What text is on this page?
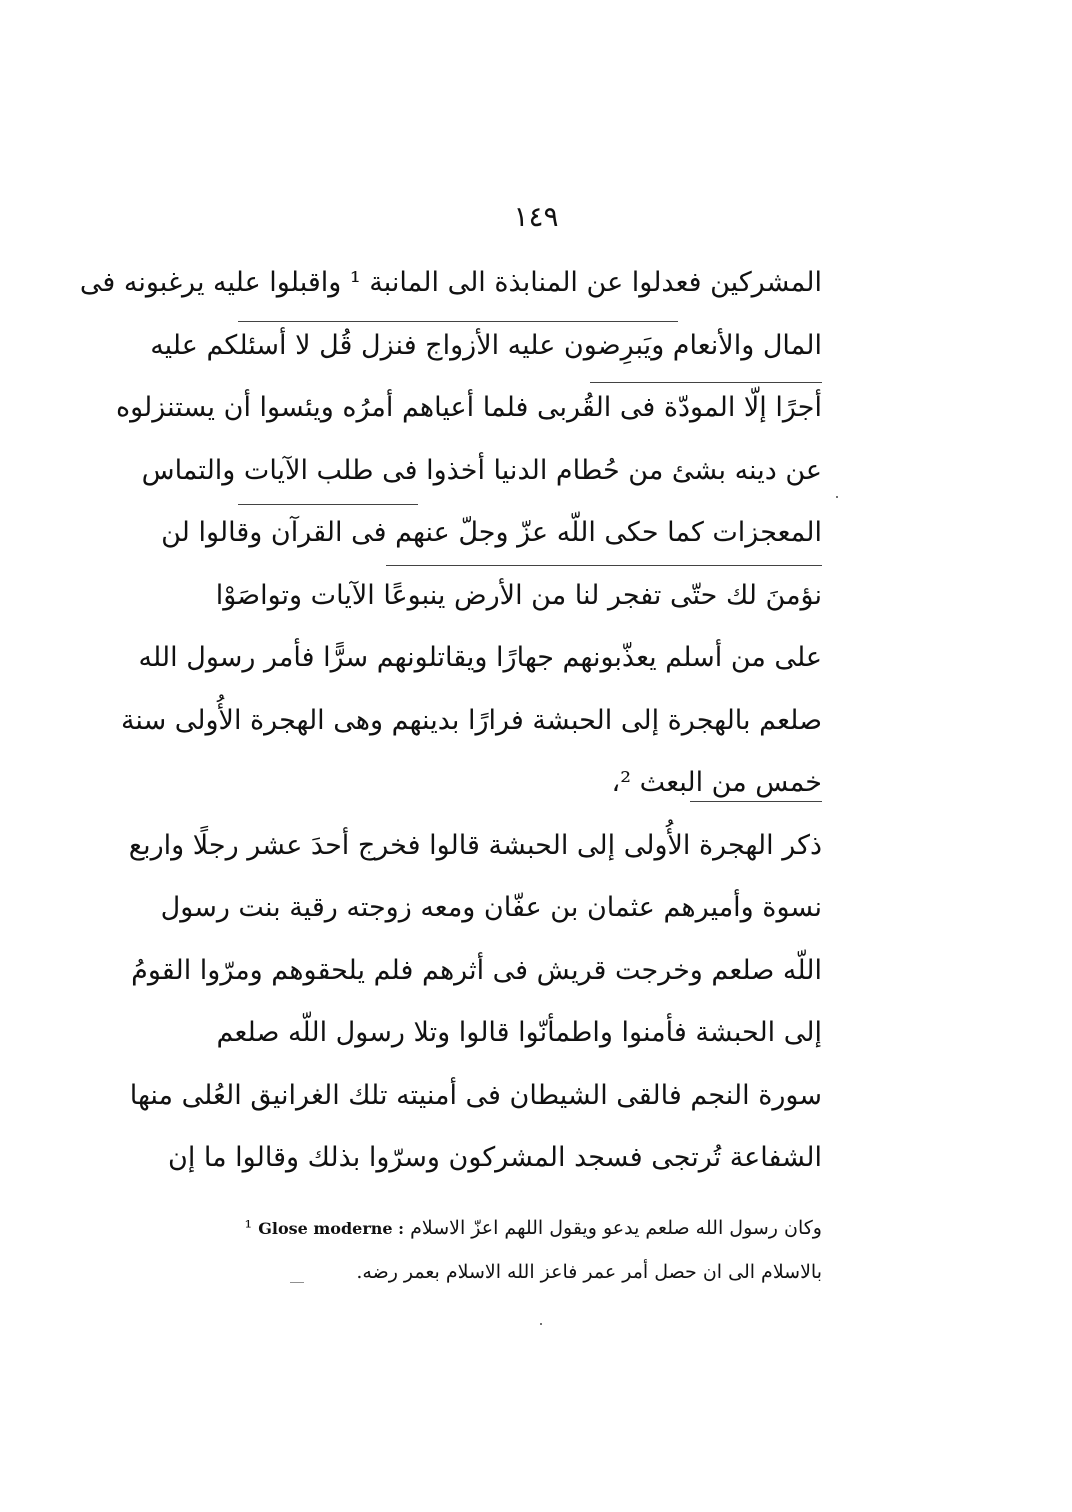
١٤٩
المشركين فعدلوا عن المنابذة الى المانبة ¹ واقبلوا عليه يرغبونه فى
المال والأنعام ويَبرِضون عليه الأزواج فنزل قُل لا أسئلكم عليه
أجرًا إلّا المودّة فى القُربى فلما أعياهم أمرُه ويئسوا أن يستنزلوه
عن دينه بشئ من حُطام الدنيا أخذوا فى طلب الآيات والتماس
المعجزات كما حكى اللّه عزّ وجلّ عنهم فى القرآن وقالوا لن
نؤمنَ لك حتّى تفجر لنا من الأرض ينبوعًا الآيات وتواصَوْا
على من أسلم يعذّبونهم جهارًا ويقاتلونهم سرًّا فأمر رسول الله
صلعم بالهجرة إلى الحبشة فرارًا بدينهم وهى الهجرة الأُولى سنة
خمس من البعث ²،
ذكر الهجرة الأُولى إلى الحبشة قالوا فخرج أحدَ عشر رجلًا واربع
نسوة وأميرهم عثمان بن عفّان ومعه زوجته رقية بنت رسول
اللّه صلعم وخرجت قريش فى أثرهم فلم يلحقوهم ومرّوا القومُ
إلى الحبشة فأمنوا واطمأنّوا قالوا وتلا رسول اللّه صلعم
سورة النجم فالقى الشيطان فى أمنيته تلك الغرانيق العُلى منها
الشفاعة تُرتجى فسجد المشركون وسرّوا بذلك وقالوا ما إن
وكان رسول الله صلعم يدعو ويقول اللهم اعزّ الاسلام Glose moderne : ¹
بالاسلام الى ان حصل أمر عمر فاعز الله الاسلام بعمر رضه.
